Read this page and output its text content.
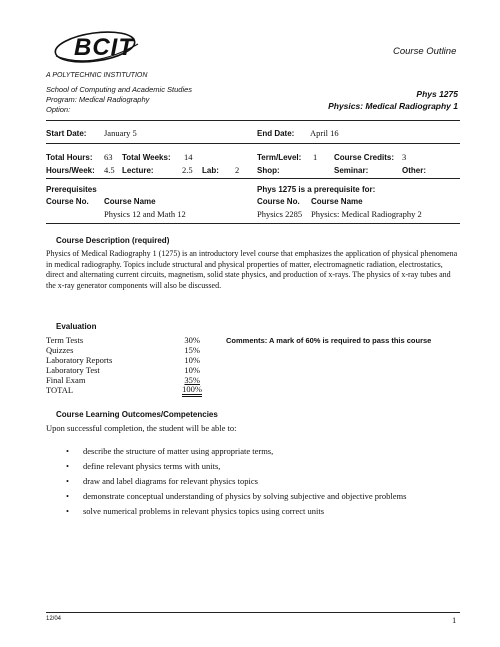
BCIT
A POLYTECHNIC INSTITUTION
Course Outline
School of Computing and Academic Studies
Program: Medical Radiography
Option:
Phys 1275
Physics: Medical Radiography 1
Start Date: January 5	End Date: April 16
Total Hours: 63 Total Weeks: 14	Term/Level: 1 Course Credits: 3
Hours/Week: 4.5 Lecture:	2.5 Lab: 2 Shop:	Seminar:	Other:
Prerequisites
Course No. Course Name
Physics 12 and Math 12
Phys 1275 is a prerequisite for:
Course No. Course Name
Physics 2285 Physics: Medical Radiography 2
Course Description (required)
Physics of Medical Radiography 1 (1275) is an introductory level course that emphasizes the application of physical phenomena in medical radiography. Topics include structural and physical properties of matter, electromagnetic radiation, electrostatics, direct and alternating current circuits, magnetism, solid state physics, and production of x-rays. The physics of x-ray tubes and the x-ray generator components will also be discussed.
Evaluation
Term Tests	30%
Quizzes	15%
Laboratory Reports	10%
Laboratory Test	10%
Final Exam	35%
TOTAL	100%
Comments: A mark of 60% is required to pass this course
Course Learning Outcomes/Competencies
Upon successful completion, the student will be able to:
• describe the structure of matter using appropriate terms,
• define relevant physics terms with units,
• draw and label diagrams for relevant physics topics
• demonstrate conceptual understanding of physics by solving subjective and objective problems
• solve numerical problems in relevant physics topics using correct units
12/04	1
